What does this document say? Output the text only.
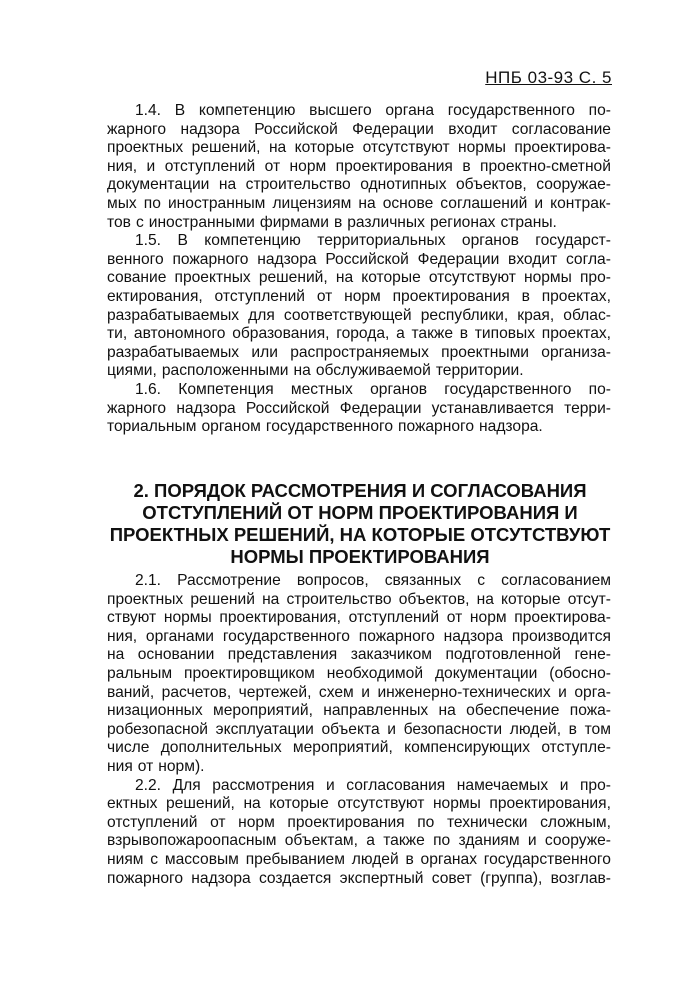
НПБ 03-93 С. 5
1.4. В компетенцию высшего органа государственного по-
жарного надзора Российской Федерации входит согласование
проектных решений, на которые отсутствуют нормы проектирова-
ния, и отступлений от норм проектирования в проектно-сметной
документации на строительство однотипных объектов, сооружае-
мых по иностранным лицензиям на основе соглашений и контрак-
тов с иностранными фирмами в различных регионах страны.
1.5. В компетенцию территориальных органов государст-
венного пожарного надзора Российской Федерации входит согла-
сование проектных решений, на которые отсутствуют нормы про-
ектирования, отступлений от норм проектирования в проектах,
разрабатываемых для соответствующей республики, края, облас-
ти, автономного образования, города, а также в типовых проектах,
разрабатываемых или распространяемых проектными организа-
циями, расположенными на обслуживаемой территории.
1.6. Компетенция местных органов государственного по-
жарного надзора Российской Федерации устанавливается терри-
ториальным органом государственного пожарного надзора.
2. ПОРЯДОК РАССМОТРЕНИЯ И СОГЛАСОВАНИЯ
ОТСТУПЛЕНИЙ ОТ НОРМ ПРОЕКТИРОВАНИЯ И
ПРОЕКТНЫХ РЕШЕНИЙ, НА КОТОРЫЕ ОТСУТСТВУЮТ
НОРМЫ ПРОЕКТИРОВАНИЯ
2.1. Рассмотрение вопросов, связанных с согласованием
проектных решений на строительство объектов, на которые отсут-
ствуют нормы проектирования, отступлений от норм проектирова-
ния, органами государственного пожарного надзора производится
на основании представления заказчиком подготовленной гене-
ральным проектировщиком необходимой документации (обосно-
ваний, расчетов, чертежей, схем и инженерно-технических и орга-
низационных мероприятий, направленных на обеспечение пожа-
робезопасной эксплуатации объекта и безопасности людей, в том
числе дополнительных мероприятий, компенсирующих отступле-
ния от норм).
2.2. Для рассмотрения и согласования намечаемых и про-
ектных решений, на которые отсутствуют нормы проектирования,
отступлений от норм проектирования по технически сложным,
взрывопожароопасным объектам, а также по зданиям и сооруже-
ниям с массовым пребыванием людей в органах государственного
пожарного надзора создается экспертный совет (группа), возглав-
